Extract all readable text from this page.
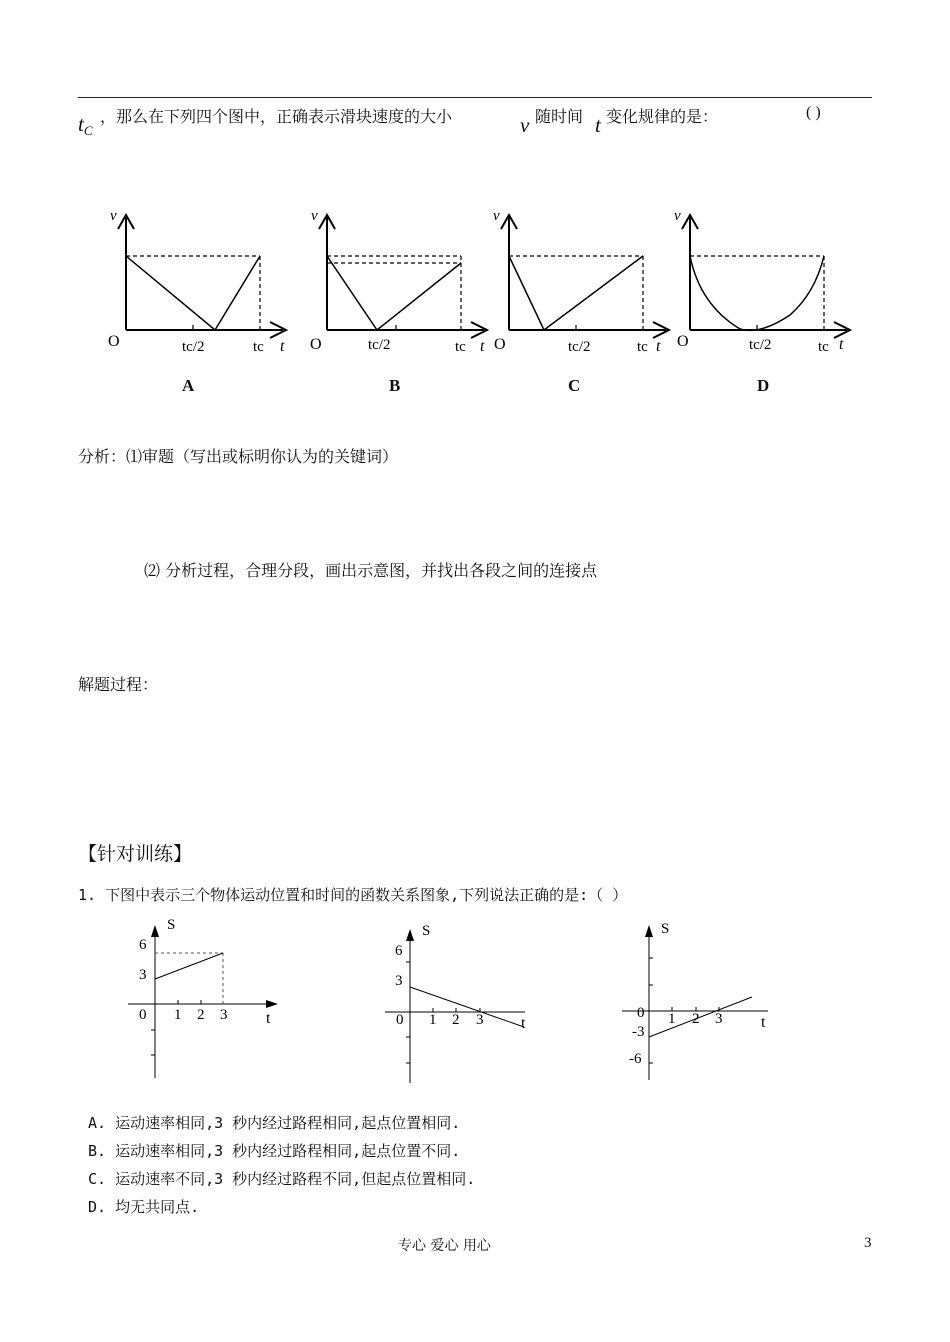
$t_C$
，那么在下列四个图中，正确表示滑块速度的大小	v 随时间 t 变化规律的是：	( )
v
O	tc/2	tc t
v
O	tc/2	tc t
v
O	tc/2	tc t
v
O	tc/2	tc t
A	B	C	D
分析：⑴审题（写出或标明你认为的关键词）
⑵ 分析过程，合理分段，画出示意图，并找出各段之间的连接点
解题过程：
【针对训练】
1. 下图中表示三个物体运动位置和时间的函数关系图象,下列说法正确的是:（ ）
S
6
3
0 1 2 3 t
S
6
3
0 1 2 3 t
S
0
-3
-6
1 2 3 t
A. 运动速率相同,3 秒内经过路程相同,起点位置相同.
B. 运动速率相同,3 秒内经过路程相同,起点位置不同.
C. 运动速率不同,3 秒内经过路程不同,但起点位置相同.
D. 均无共同点.
专心 爱心 用心	3
